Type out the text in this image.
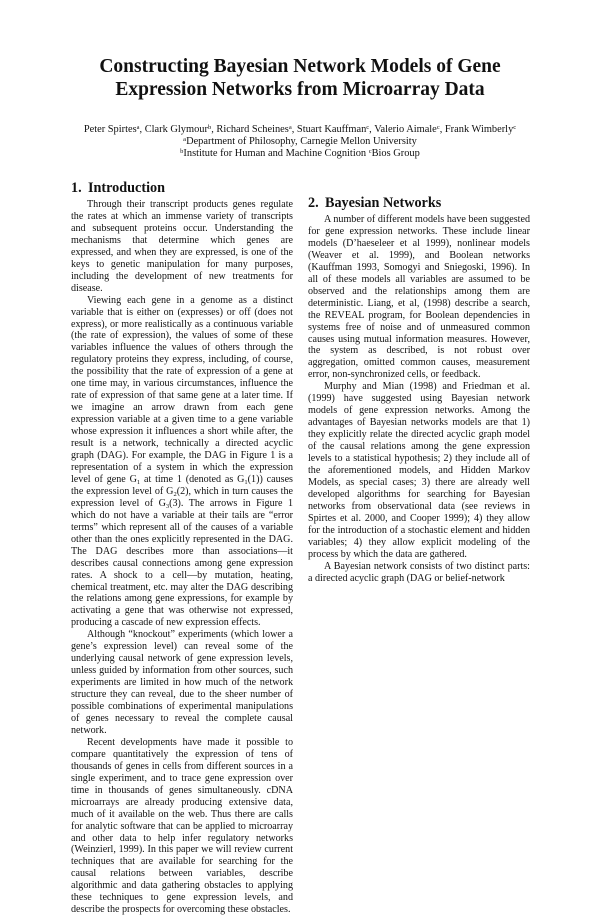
Constructing Bayesian Network Models of Gene
Expression Networks from Microarray Data
Peter Spirtes$^a$, Clark Glymour$^b$, Richard Scheines$^a$, Stuart Kauffman$^c$, Valerio Aimale$^c$, Frank Wimberly$^c$
$^a$Department of Philosophy, Carnegie Mellon University
$^b$Institute for Human and Machine Cognition $^c$Bios Group
1. Introduction

Through their transcript products genes regulate the rates at which an immense variety of transcripts and subsequent proteins occur. Understanding the mechanisms that determine which genes are expressed, and when they are expressed, is one of the keys to genetic manipulation for many purposes, including the development of new treatments for disease.

Viewing each gene in a genome as a distinct variable that is either on (expresses) or off (does not express), or more realistically as a continuous variable (the rate of expression), the values of some of these variables influence the values of others through the regulatory proteins they express, including, of course, the possibility that the rate of expression of a gene at one time may, in various circumstances, influence the rate of expression of that same gene at a later time. If we imagine an arrow drawn from each gene expression variable at a given time to a gene variable whose expression it influences a short while after, the result is a network, technically a directed acyclic graph (DAG). For example, the DAG in Figure 1 is a representation of a system in which the expression level of gene $G_1$ at time 1 (denoted as $G_1(1)$) causes the expression level of $G_2(2)$, which in turn causes the expression level of $G_3(3)$. The arrows in Figure 1 which do not have a variable at their tails are “error terms” which represent all of the causes of a variable other than the ones explicitly represented in the DAG. The DAG describes more than associations—it describes causal connections among gene expression rates. A shock to a cell—by mutation, heating, chemical treatment, etc. may alter the DAG describing the relations among gene expressions, for example by activating a gene that was otherwise not expressed, producing a cascade of new expression effects.

Although “knockout” experiments (which lower a gene’s expression level) can reveal some of the underlying causal network of gene expression levels, unless guided by information from other sources, such experiments are limited in how much of the network structure they can reveal, due to the sheer number of possible combinations of experimental manipulations of genes necessary to reveal the complete causal network.

Recent developments have made it possible to compare quantitatively the expression of tens of thousands of genes in cells from different sources in a single experiment, and to trace gene expression over time in thousands of genes simultaneously. cDNA microarrays are already producing extensive data, much of it available on the web. Thus there are calls for analytic software that can be applied to microarray and other data to help infer regulatory networks (Weinzierl, 1999). In this paper we will review current techniques that are available for searching for the causal relations between variables, describe algorithmic and data gathering obstacles to applying these techniques to gene expression levels, and describe the prospects for overcoming these obstacles.

2. Bayesian Networks

A number of different models have been suggested for gene expression networks. These include linear models (D’haeseleer et al 1999), nonlinear models (Weaver et al. 1999), and Boolean networks (Kauffman 1993, Somogyi and Sniegoski, 1996). In all of these models all variables are assumed to be observed and the relationships among them are deterministic. Liang, et al, (1998) describe a search, the REVEAL program, for Boolean dependencies in systems free of noise and of unmeasured common causes using mutual information measures. However, the system as described, is not robust over aggregation, omitted common causes, measurement error, non-synchronized cells, or feedback.

Murphy and Mian (1998) and Friedman et al. (1999) have suggested using Bayesian network models of gene expression networks. Among the advantages of Bayesian networks models are that 1) they explicitly relate the directed acyclic graph model of the causal relations among the gene expression levels to a statistical hypothesis; 2) they include all of the aforementioned models, and Hidden Markov Models, as special cases; 3) there are already well developed algorithms for searching for Bayesian networks from observational data (see reviews in Spirtes et al. 2000, and Cooper 1999); 4) they allow for the introduction of a stochastic element and hidden variables; 4) they allow explicit modeling of the process by which the data are gathered.

A Bayesian network consists of two distinct parts: a directed acyclic graph (DAG or belief-network
